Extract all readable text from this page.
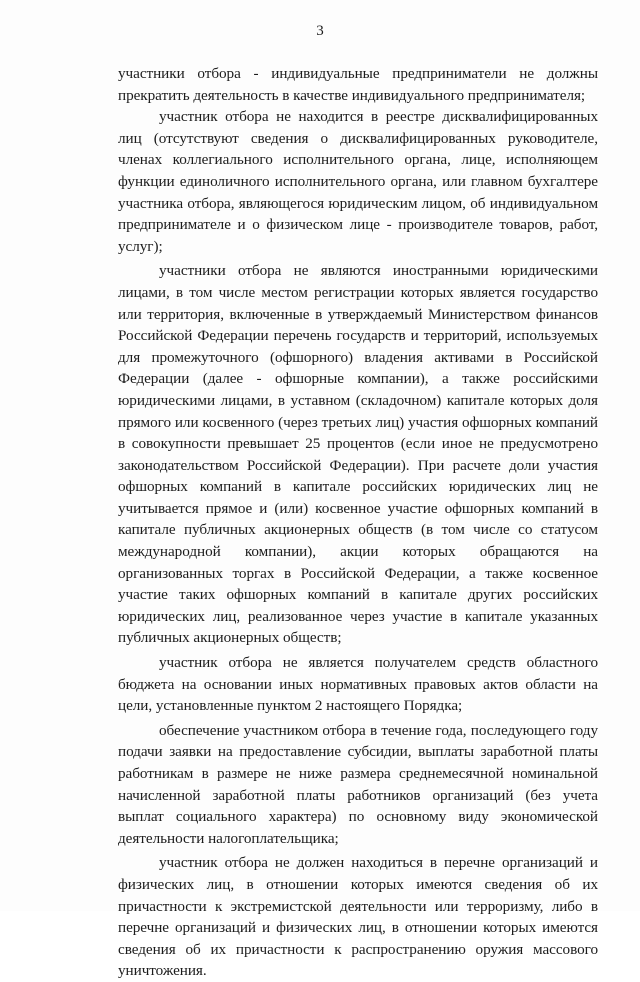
3

участники отбора - индивидуальные предприниматели не должны прекратить деятельность в качестве индивидуального предпринимателя;

участник отбора не находится в реестре дисквалифицированных лиц (отсутствуют сведения о дисквалифицированных руководителе, членах коллегиального исполнительного органа, лице, исполняющем функции единоличного исполнительного органа, или главном бухгалтере участника отбора, являющегося юридическим лицом, об индивидуальном предпринимателе и о физическом лице - производителе товаров, работ, услуг);

участники отбора не являются иностранными юридическими лицами, в том числе местом регистрации которых является государство или территория, включенные в утверждаемый Министерством финансов Российской Федерации перечень государств и территорий, используемых для промежуточного (офшорного) владения активами в Российской Федерации (далее - офшорные компании), а также российскими юридическими лицами, в уставном (складочном) капитале которых доля прямого или косвенного (через третьих лиц) участия офшорных компаний в совокупности превышает 25 процентов (если иное не предусмотрено законодательством Российской Федерации). При расчете доли участия офшорных компаний в капитале российских юридических лиц не учитывается прямое и (или) косвенное участие офшорных компаний в капитале публичных акционерных обществ (в том числе со статусом международной компании), акции которых обращаются на организованных торгах в Российской Федерации, а также косвенное участие таких офшорных компаний в капитале других российских юридических лиц, реализованное через участие в капитале указанных публичных акционерных обществ;

участник отбора не является получателем средств областного бюджета на основании иных нормативных правовых актов области на цели, установленные пунктом 2 настоящего Порядка;

обеспечение участником отбора в течение года, последующего году подачи заявки на предоставление субсидии, выплаты заработной платы работникам в размере не ниже размера среднемесячной номинальной начисленной заработной платы работников организаций (без учета выплат социального характера) по основному виду экономической деятельности налогоплательщика;

участник отбора не должен находиться в перечне организаций и физических лиц, в отношении которых имеются сведения об их причастности к экстремистской деятельности или терроризму, либо в перечне организаций и физических лиц, в отношении которых имеются сведения об их причастности к распространению оружия массового уничтожения.
